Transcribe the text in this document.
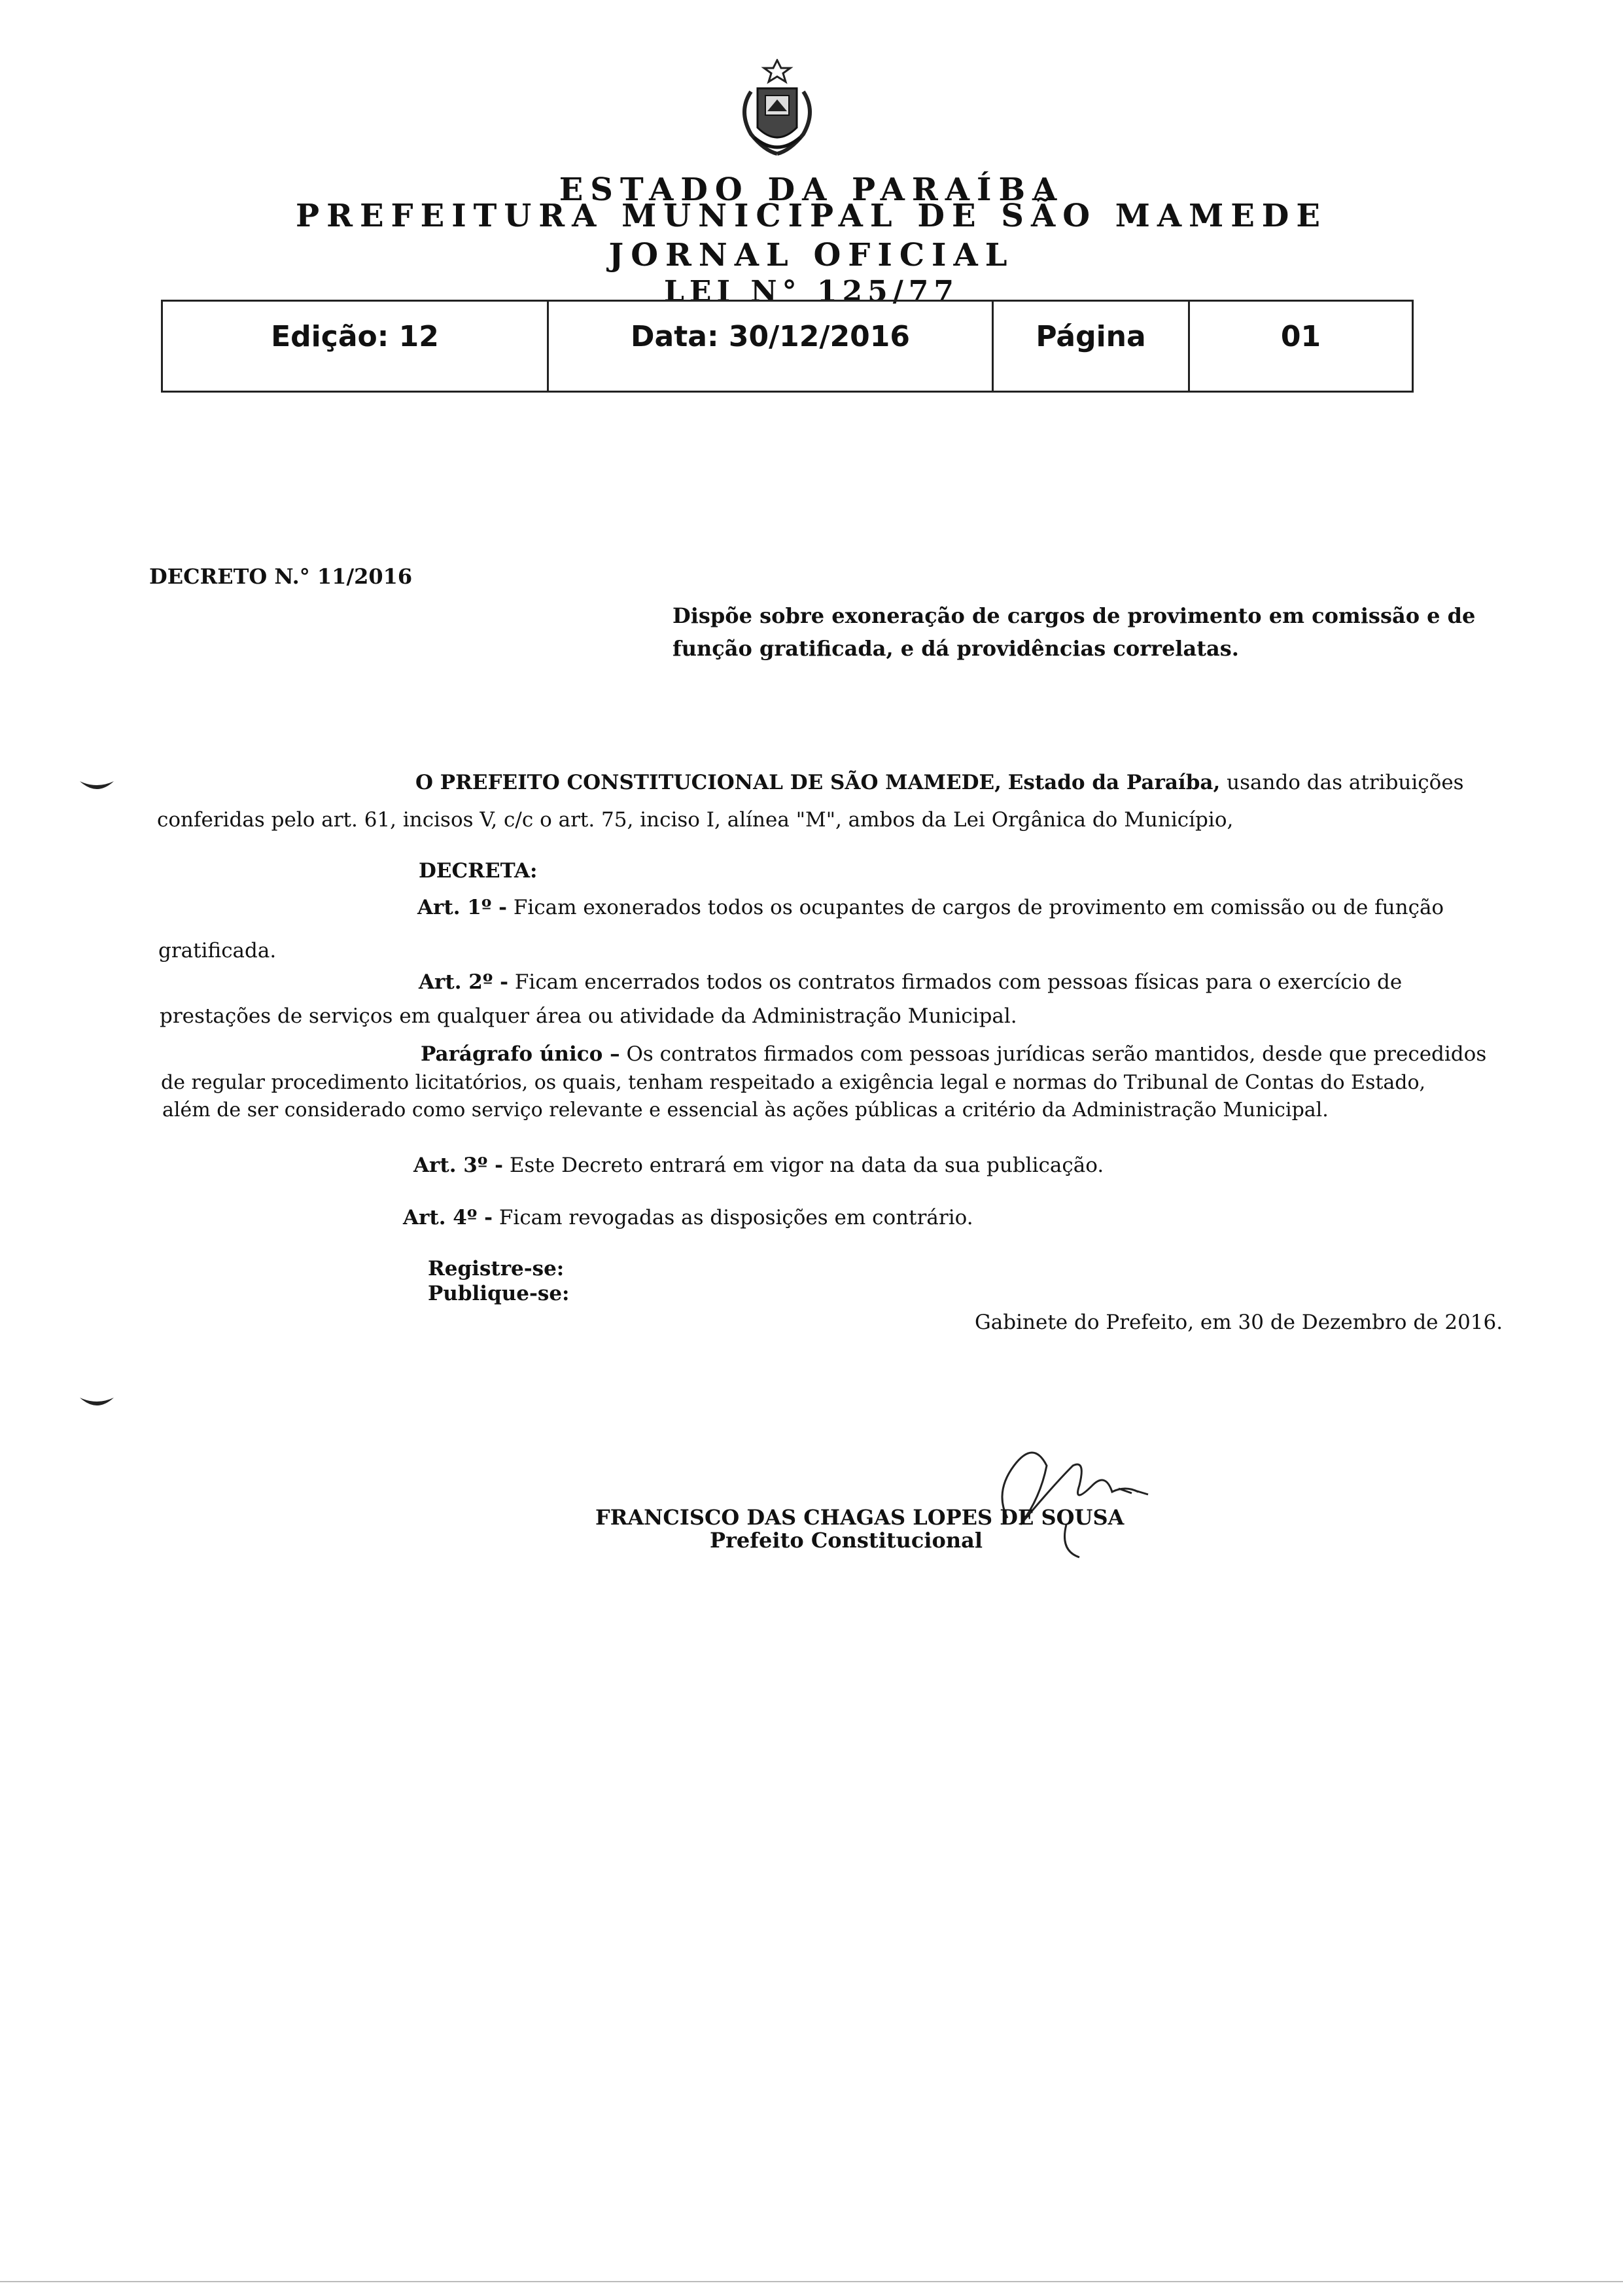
ESTADO DA PARAÍBA
PREFEITURA MUNICIPAL DE SÃO MAMEDE
JORNAL OFICIAL
LEI N° 125/77
Edição: 12	Data: 30/12/2016	Página	01
DECRETO N.° 11/2016
Dispõe sobre exoneração de cargos de provimento em comissão e de função gratificada, e dá providências correlatas.
O PREFEITO CONSTITUCIONAL DE SÃO MAMEDE, Estado da Paraíba, usando das atribuições
conferidas pelo art. 61, incisos V, c/c o art. 75, inciso I, alínea "M", ambos da Lei Orgânica do Município,
DECRETA:
Art. 1º - Ficam exonerados todos os ocupantes de cargos de provimento em comissão ou de função
gratificada.
Art. 2º - Ficam encerrados todos os contratos firmados com pessoas físicas para o exercício de
prestações de serviços em qualquer área ou atividade da Administração Municipal.
Parágrafo único – Os contratos firmados com pessoas jurídicas serão mantidos, desde que precedidos
de regular procedimento licitatórios, os quais, tenham respeitado a exigência legal e normas do Tribunal de Contas do Estado,
além de ser considerado como serviço relevante e essencial às ações públicas a critério da Administração Municipal.
Art. 3º - Este Decreto entrará em vigor na data da sua publicação.
Art. 4º - Ficam revogadas as disposições em contrário.
Registre-se:
Publique-se:
Gabinete do Prefeito, em 30 de Dezembro de 2016.
FRANCISCO DAS CHAGAS LOPES DE SOUSA
Prefeito Constitucional
